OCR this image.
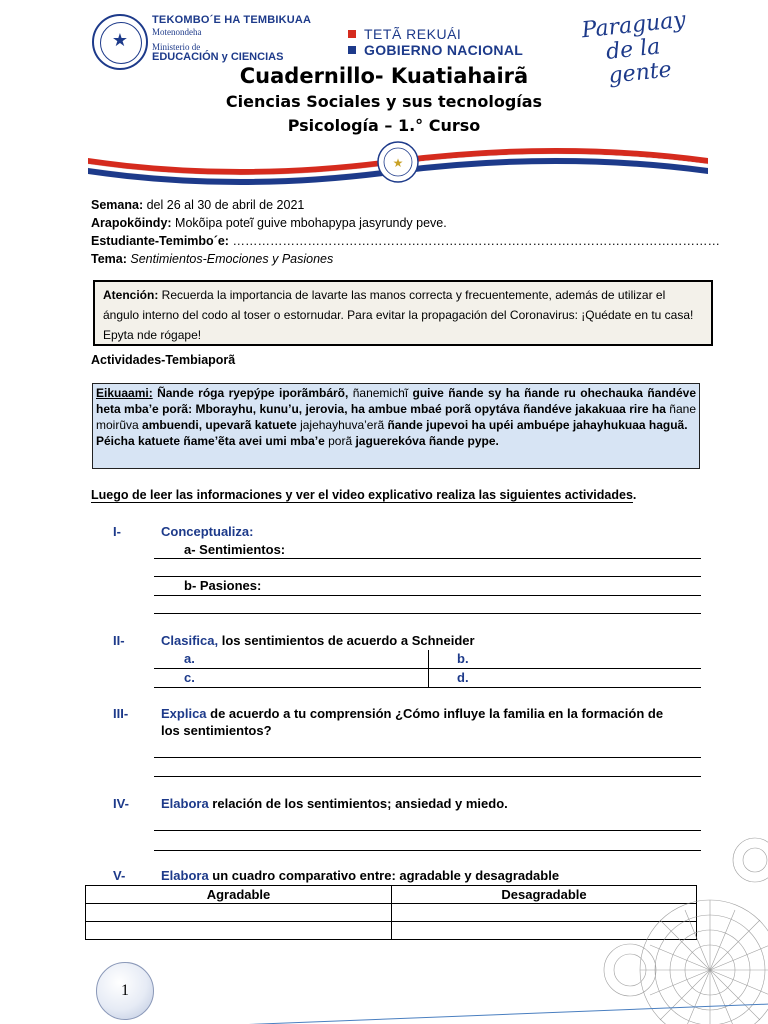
★
TEKOMBO´E HA TEMBIKUAA
Motenondeha
Ministerio de
EDUCACIÓN y CIENCIAS
TETÃ REKUÁI
GOBIERNO NACIONAL
Paraguay
de la gente
Cuadernillo- Kuatiahairã
Ciencias Sociales y sus tecnologías
Psicología – 1.° Curso
★
Semana: del 26 al 30 de abril de 2021
Arapokõindy: Mokõipa poteĩ guive mbohapypa jasyrundy peve.
Estudiante-Temimbo´e: ………………………………………………………………………………………………………
Tema: Sentimientos-Emociones y Pasiones
Atención: Recuerda la importancia de lavarte las manos correcta y frecuentemente, además de utilizar el ángulo interno del codo al toser o estornudar. Para evitar la propagación del Coronavirus: ¡Quédate en tu casa! Epyta nde rógape!
Actividades-Tembiaporã
Eikuaami: Ñande róga ryepýpe iporãmbárõ, ñanemichĩ guive ñande sy ha ñande ru ohechauka ñandéve heta mba’e porã: Mborayhu, kunu’u, jerovia, ha ambue mbaé porã opytáva ñandéve jakakuaa rire ha ñane moirũva ambuendi, upevarã katuete jajehayhuva’erã ñande jupevoi ha upéi ambuépe jahayhukuaa haguã.
Péicha katuete ñame’ẽta avei umi mba’e porã jaguerekóva ñande pype.
Luego de leer las informaciones y ver el video explicativo realiza las siguientes actividades.
I-	Conceptualiza:
a- Sentimientos:
b- Pasiones:
II-	Clasifica, los sentimientos de acuerdo a Schneider
a.	b.
c.	d.
III-	Explica de acuerdo a tu comprensión ¿Cómo influye la familia en la formación de
los sentimientos?
IV- Elabora relación de los sentimientos; ansiedad y miedo.
V-	Elabora un cuadro comparativo entre: agradable y desagradable
Agradable	Desagradable

1
